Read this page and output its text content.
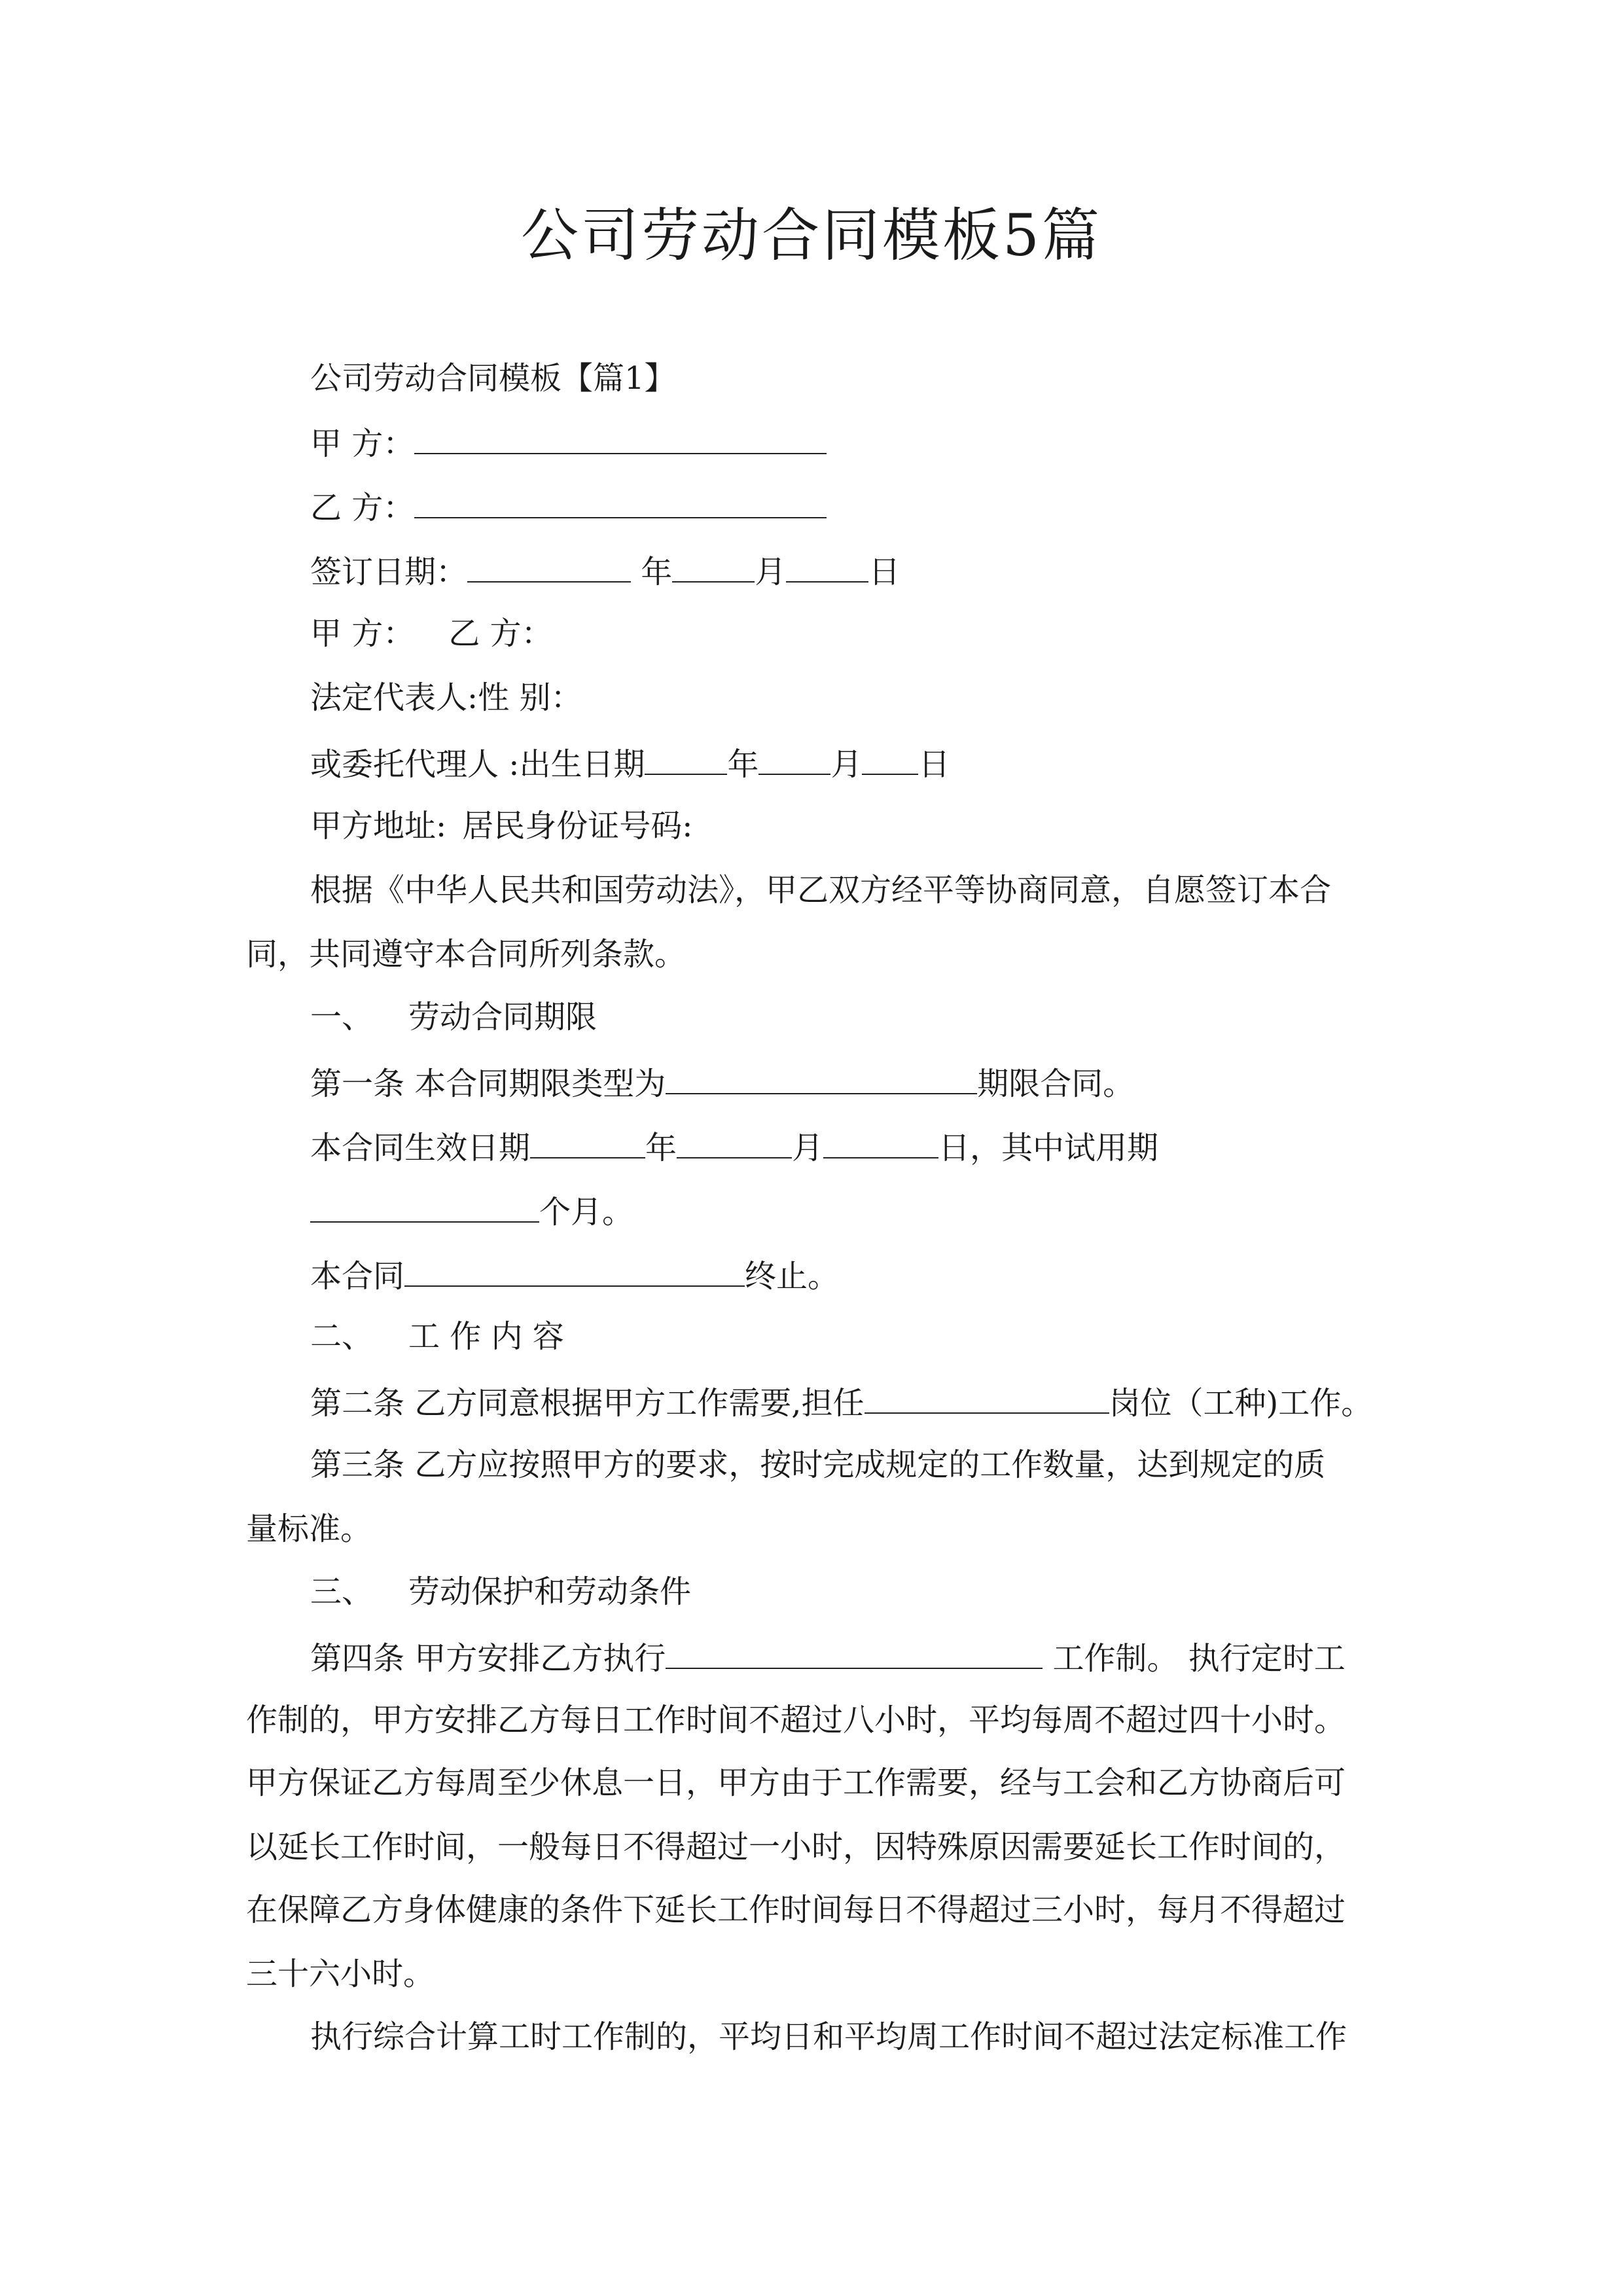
公司劳动合同模板5篇
公司劳动合同模板【篇1】
甲 方：
乙 方：
签订日期：	年	月	日
甲 方： 乙 方：
法定代表人:性 别：
或委托代理人 :出生日期	年 月 日
甲方地址: 居民身份证号码:
根据《中华人民共和国劳动法》，甲乙双方经平等协商同意，自愿签订本合
同，共同遵守本合同所列条款。
一、 劳动合同期限
第一条 本合同期限类型为	期限合同。
本合同生效日期	年	月	日，其中试用期
个月。
本合同	终止。
二、 工 作 内 容
第二条 乙方同意根据甲方工作需要,担任	岗位（工种)工作。
第三条 乙方应按照甲方的要求，按时完成规定的工作数量，达到规定的质
量标准。
三、 劳动保护和劳动条件
第四条 甲方安排乙方执行	工作制。 执行定时工
作制的，甲方安排乙方每日工作时间不超过八小时，平均每周不超过四十小时。
甲方保证乙方每周至少休息一日，甲方由于工作需要，经与工会和乙方协商后可
以延长工作时间，一般每日不得超过一小时，因特殊原因需要延长工作时间的，
在保障乙方身体健康的条件下延长工作时间每日不得超过三小时，每月不得超过
三十六小时。
执行综合计算工时工作制的，平均日和平均周工作时间不超过法定标准工作
